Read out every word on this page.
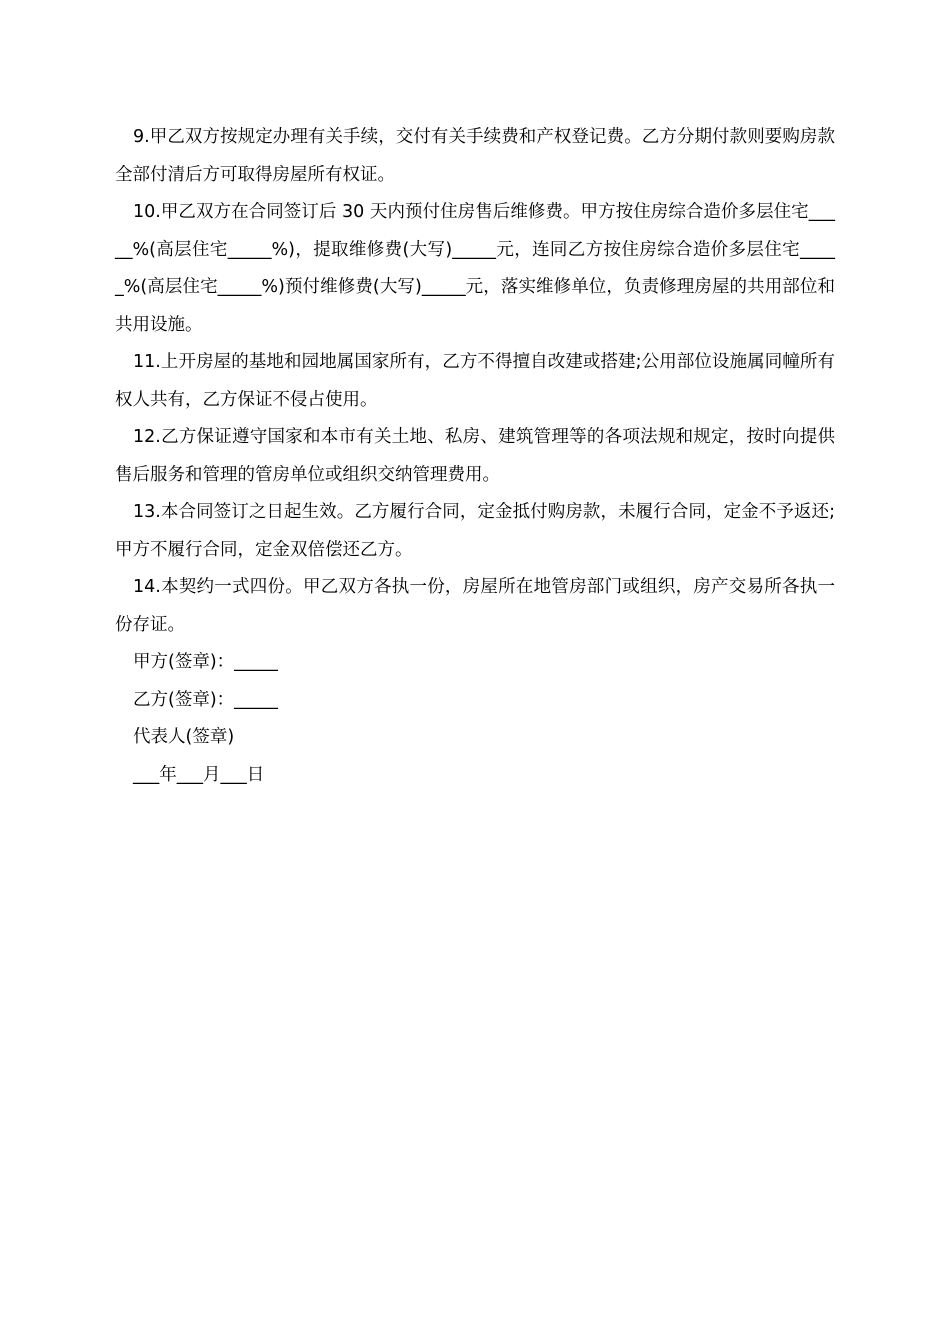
9.甲乙双方按规定办理有关手续，交付有关手续费和产权登记费。乙方分期付款则要购房款全部付清后方可取得房屋所有权证。

10.甲乙双方在合同签订后 30 天内预付住房售后维修费。甲方按住房综合造价多层住宅_____%(高层住宅_____%)，提取维修费(大写)_____元，连同乙方按住房综合造价多层住宅_____%(高层住宅_____%)预付维修费(大写)_____元，落实维修单位，负责修理房屋的共用部位和共用设施。

11.上开房屋的基地和园地属国家所有，乙方不得擅自改建或搭建;公用部位设施属同幢所有权人共有，乙方保证不侵占使用。

12.乙方保证遵守国家和本市有关土地、私房、建筑管理等的各项法规和规定，按时向提供售后服务和管理的管房单位或组织交纳管理费用。

13.本合同签订之日起生效。乙方履行合同，定金抵付购房款，未履行合同，定金不予返还;甲方不履行合同，定金双倍偿还乙方。

14.本契约一式四份。甲乙双方各执一份，房屋所在地管房部门或组织，房产交易所各执一份存证。

甲方(签章)：_____

乙方(签章)：_____

代表人(签章)

___年___月___日
